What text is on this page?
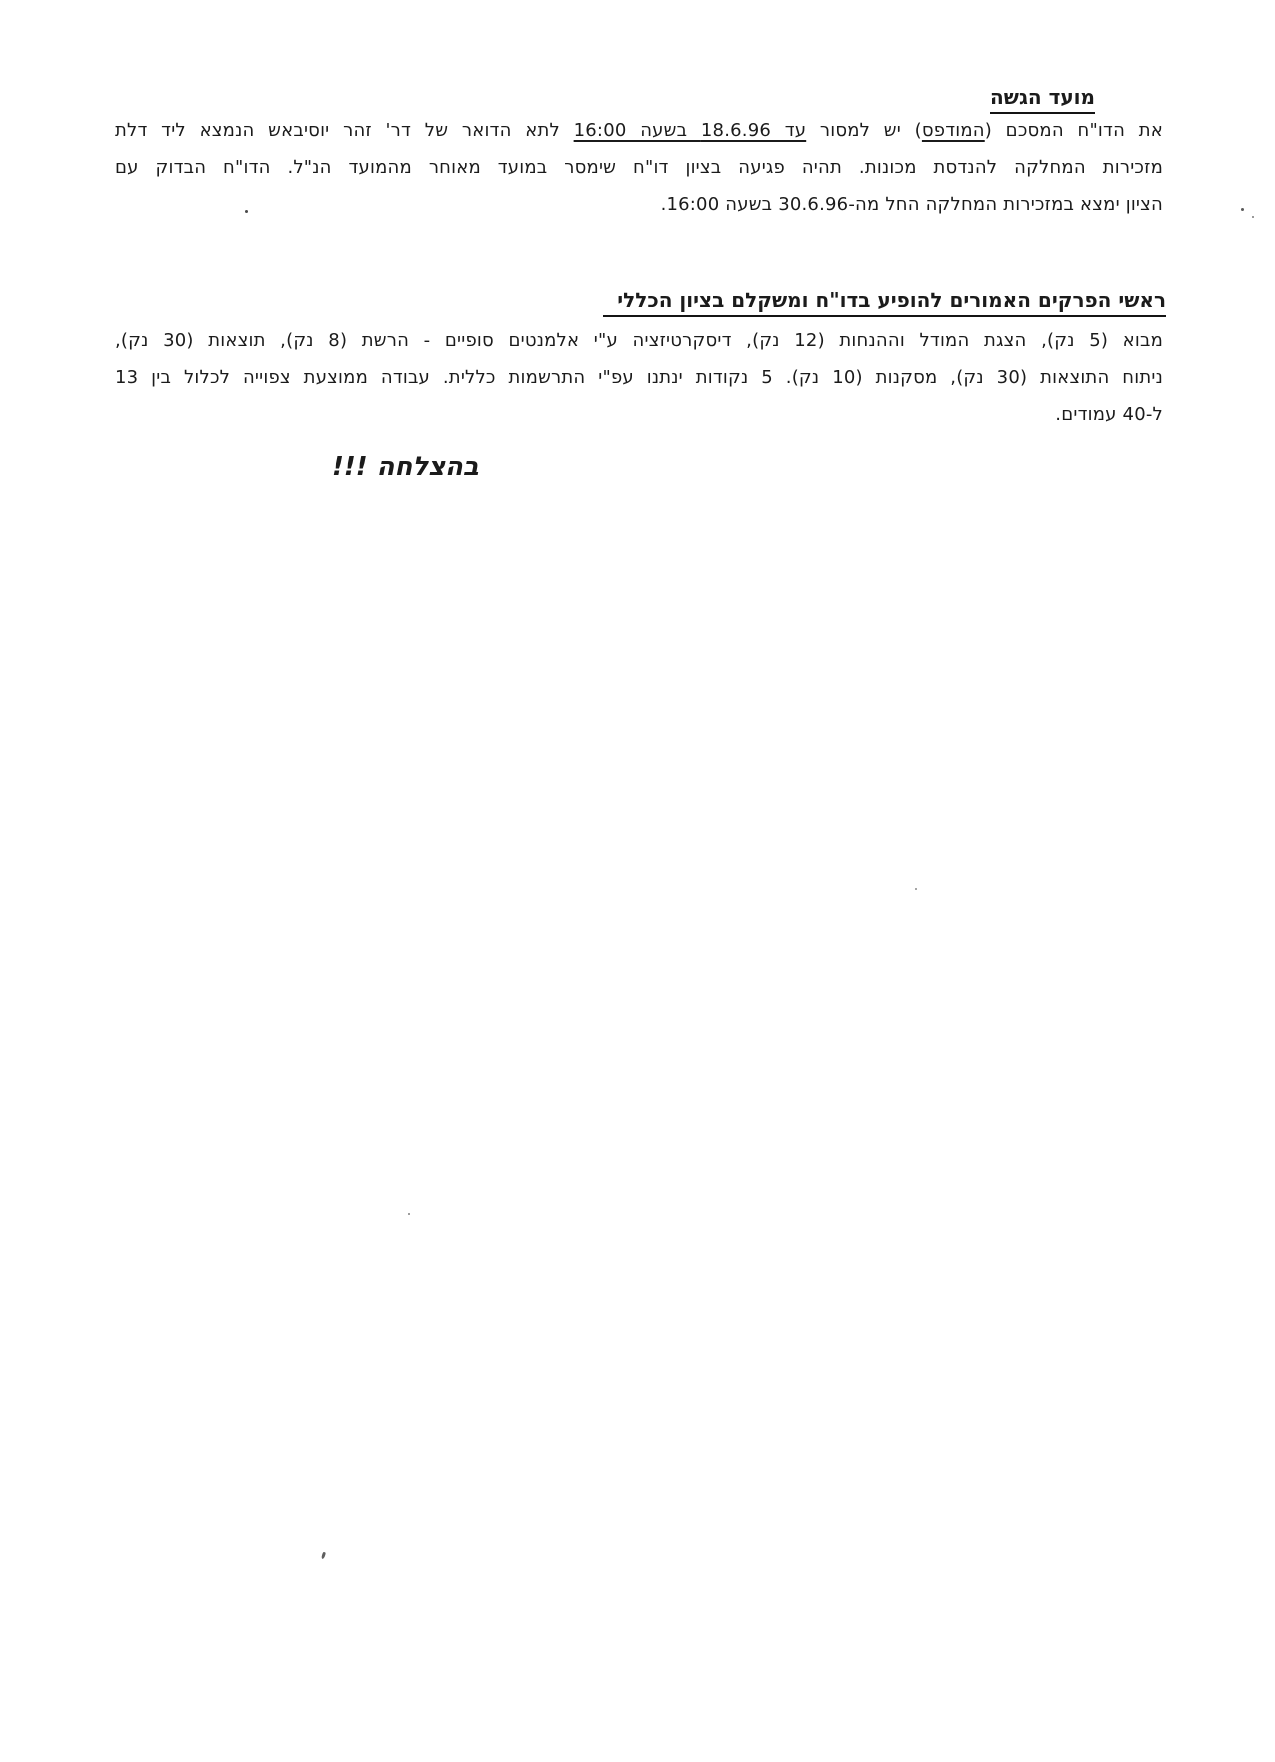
מועד הגשה
את הדו"ח המסכם (המודפס) יש למסור עד 18.6.96 בשעה 16:00 לתא הדואר של דר' זהר יוסיבאש הנמצא ליד דלת
מזכירות המחלקה להנדסת מכונות. תהיה פגיעה בציון דו"ח שימסר במועד מאוחר מהמועד הנ"ל. הדו"ח הבדוק עם
הציון ימצא במזכירות המחלקה החל מה-30.6.96 בשעה 16:00.
ראשי הפרקים האמורים להופיע בדו"ח ומשקלם בציון הכללי
מבוא (5 נק), הצגת המודל וההנחות (12 נק), דיסקרטיזציה ע"י אלמנטים סופיים - הרשת (8 נק), תוצאות (30 נק),
ניתוח התוצאות (30 נק), מסקנות (10 נק). 5 נקודות ינתנו עפ"י התרשמות כללית. עבודה ממוצעת צפוייה לכלול בין 13
ל-40 עמודים.
בהצלחה !!!
